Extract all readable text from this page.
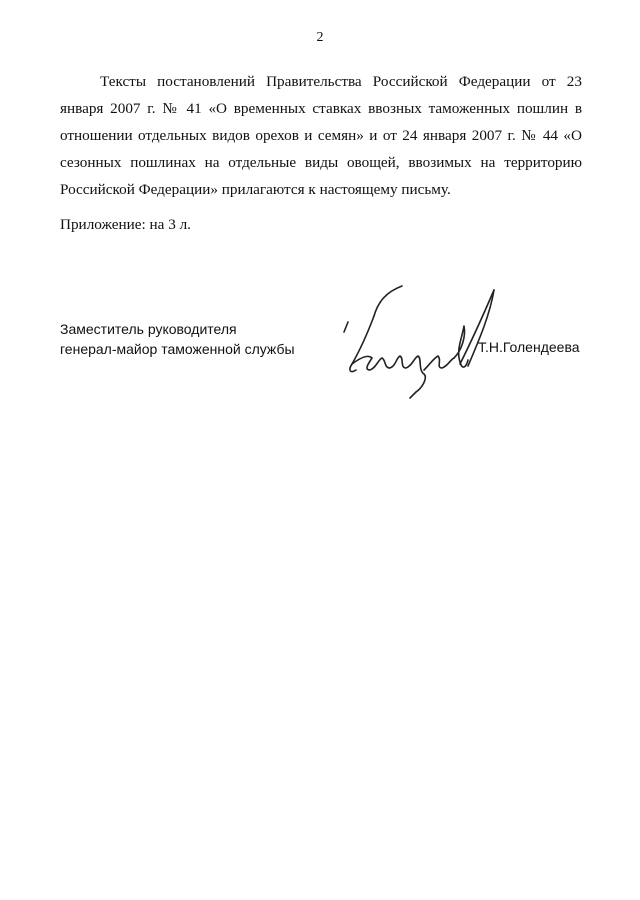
2

Тексты постановлений Правительства Российской Федерации от 23 января 2007 г. № 41 «О временных ставках ввозных таможенных пошлин в отношении отдельных видов орехов и семян» и от 24 января 2007 г. № 44 «О сезонных пошлинах на отдельные виды овощей, ввозимых на территорию Российской Федерации» прилагаются к настоящему письму.

Приложение: на 3 л.

Заместитель руководителя
генерал-майор таможенной службы	Т.Н.Голендеева
